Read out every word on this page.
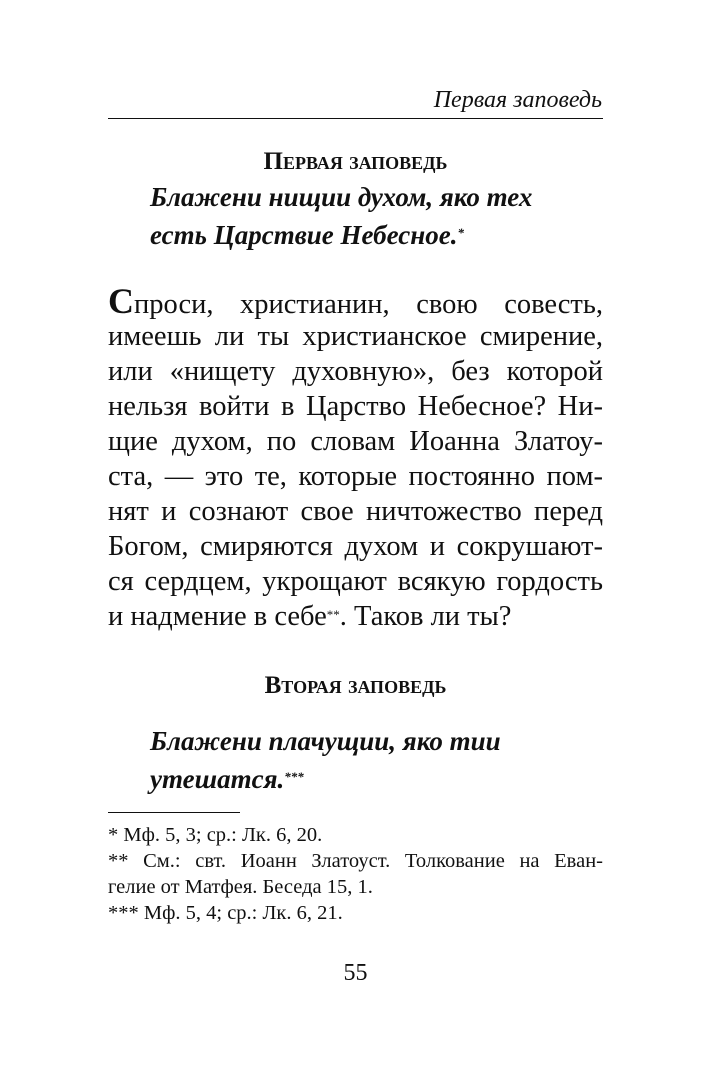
Первая заповедь
Первая заповедь
Блажени нищии духом, яко тех
есть Царствие Небесное.*
Спроси, христианин, свою совесть,
имеешь ли ты христианское смирение,
или «нищету духовную», без которой
нельзя войти в Царство Небесное? Ни-
щие духом, по словам Иоанна Златоу-
ста, — это те, которые постоянно пом-
нят и сознают свое ничтожество перед
Богом, смиряются духом и сокрушают-
ся сердцем, укрощают всякую гордость
и надмение в себе**. Таков ли ты?
Вторая заповедь
Блажени плачущии, яко тии
утешатся.***
* Мф. 5, 3; ср.: Лк. 6, 20.
** См.: свт. Иоанн Златоуст. Толкование на Еван-
гелие от Матфея. Беседа 15, 1.
*** Мф. 5, 4; ср.: Лк. 6, 21.
55
